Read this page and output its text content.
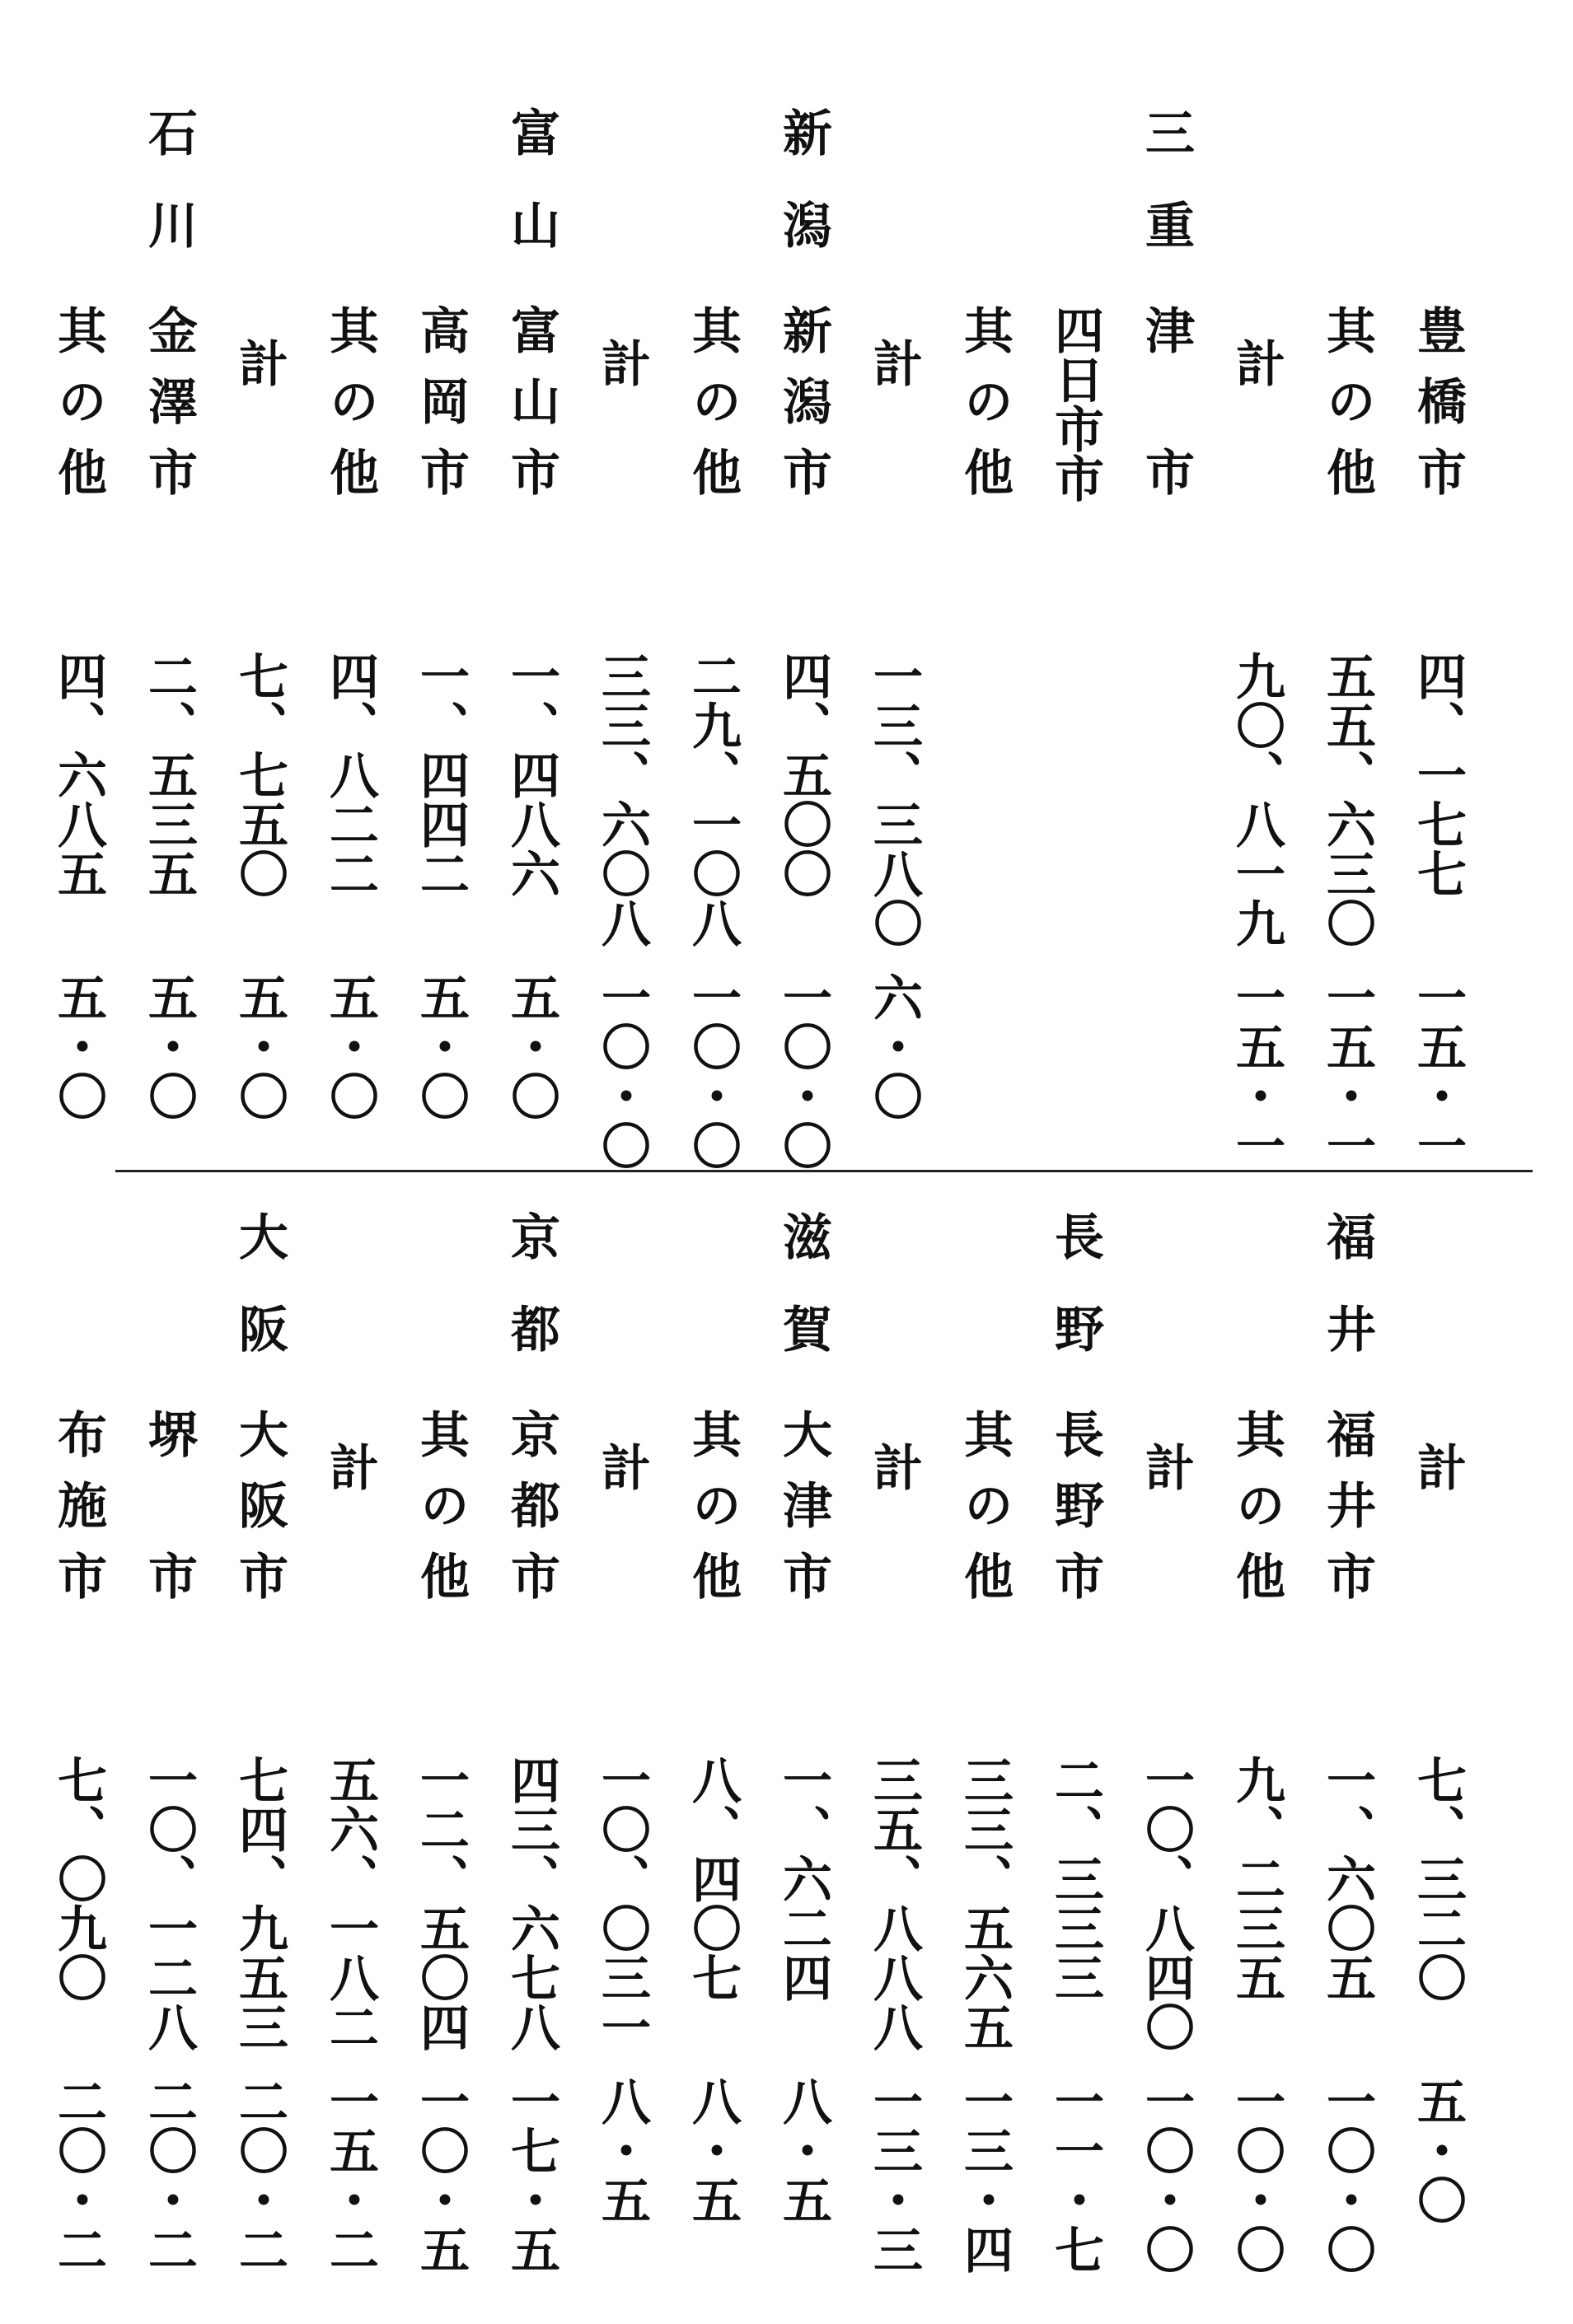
豊橋市
四、一七七
一五・一
其の他
五五、六三〇
一五・一
計
九〇、八一九
一五・一
三重
津　市
四日市市
其の他
計
一三、三八〇
六・〇
新潟
新潟市
四、五〇〇
一〇・〇
其の他
二九、一〇八
一〇・〇
計
三三、六〇八
一〇・〇
富山
富山市
一、四八六
五・〇
高岡市
一、四四二
五・〇
其の他
四、八二二
五・〇
計
七、七五〇
五・〇
石川
金澤市
二、五三五
五・〇
其の他
四、六八五
五・〇
計
七、三二〇
五・〇
福井
福井市
一、六〇五
一〇・〇
其の他
九、二三五
一〇・〇
計
一〇、八四〇
一〇・〇
長野
長野市
二、三三三
一一・七
其の他
三三、五六五
一三・四
計
三五、八八八
一三・三
滋賀
大津市
一、六二四
八・五
其の他
八、四〇七
八・五
計
一〇、〇三一
八・五
京都
京都市
四三、六七八
一七・五
其の他
一二、五〇四
一〇・五
計
五六、一八二
一五・二
大阪
大阪市
七四、九五三
二〇・二
堺　市
一〇、一二八
二〇・二
布施市
七、〇九〇
二〇・二
